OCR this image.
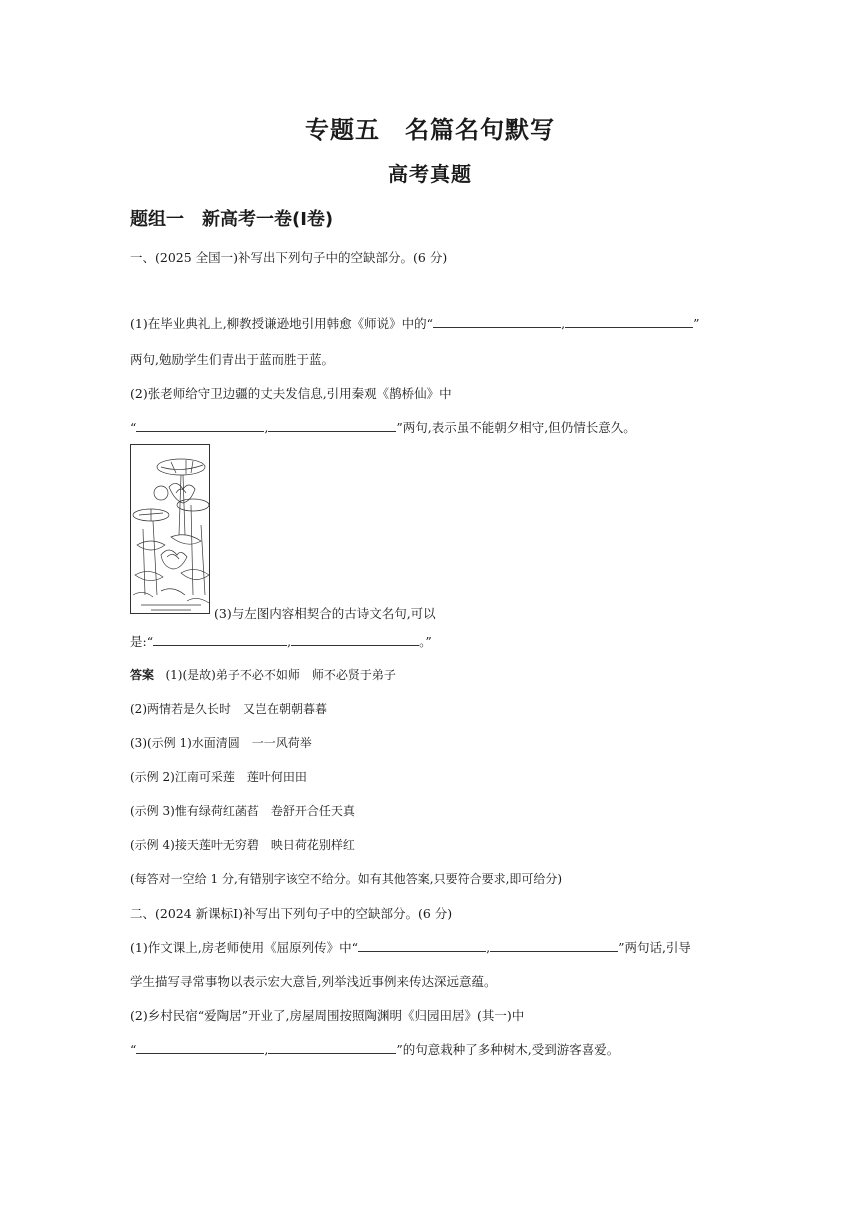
专题五　名篇名句默写
高考真题
题组一　新高考一卷(Ⅰ卷)
一、(2025 全国一)补写出下列句子中的空缺部分。(6 分)
(1)在毕业典礼上,柳教授谦逊地引用韩愈《师说》中的“	,	”
两句,勉励学生们青出于蓝而胜于蓝。
(2)张老师给守卫边疆的丈夫发信息,引用秦观《鹊桥仙》中
“	,	”两句,表示虽不能朝夕相守,但仍情长意久。
(3)与左图内容相契合的古诗文名句,可以
是:“	,	。”
答案 (1)(是故)弟子不必不如师　师不必贤于弟子
(2)两情若是久长时　又岂在朝朝暮暮
(3)(示例 1)水面清圆　一一风荷举
(示例 2)江南可采莲　莲叶何田田
(示例 3)惟有绿荷红菡萏　卷舒开合任天真
(示例 4)接天莲叶无穷碧　映日荷花别样红
(每答对一空给 1 分,有错别字该空不给分。如有其他答案,只要符合要求,即可给分)
二、(2024 新课标Ⅰ)补写出下列句子中的空缺部分。(6 分)
(1)作文课上,房老师使用《屈原列传》中“	,	”两句话,引导
学生描写寻常事物以表示宏大意旨,列举浅近事例来传达深远意蕴。
(2)乡村民宿“爱陶居”开业了,房屋周围按照陶渊明《归园田居》(其一)中
“	,	”的句意栽种了多种树木,受到游客喜爱。
